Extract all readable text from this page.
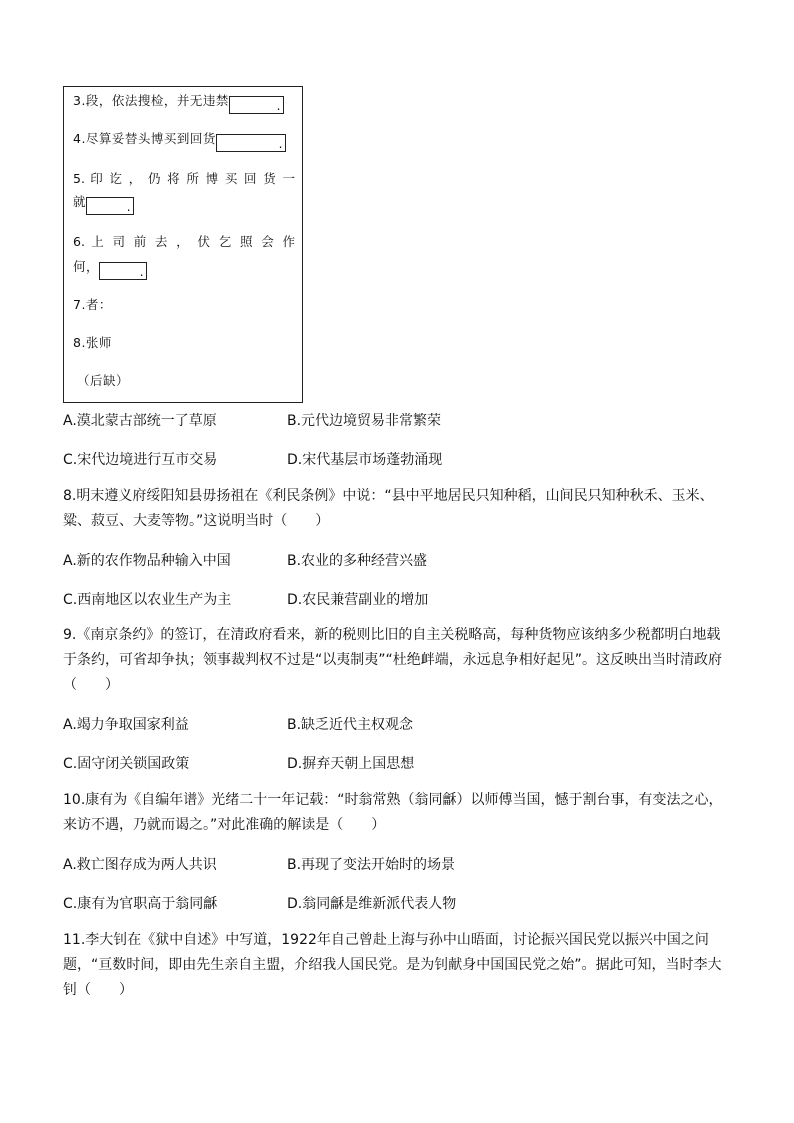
3.段，依法搜检，并无违禁	.
4.尽算妥替头博买到回货	.
5. 印 讫 ， 仍 将 所 博 买 回 货 一
就	.
6. 上 司 前 去 ， 伏 乞 照 会 作
何，	.
7.者：
8.张师
（后缺）
A.漠北蒙古部统一了草原	B.元代边境贸易非常繁荣
C.宋代边境进行互市交易	D.宋代基层市场蓬勃涌现
8.明末遵义府绥阳知县毋扬祖在《利民条例》中说：“县中平地居民只知种稻，山间民只知种秋禾、玉米、粱、菽豆、大麦等物。”这说明当时（　　）
A.新的农作物品种输入中国	B.农业的多种经营兴盛
C.西南地区以农业生产为主	D.农民兼营副业的增加
9.《南京条约》的签订，在清政府看来，新的税则比旧的自主关税略高，每种货物应该纳多少税都明白地载于条约，可省却争执；领事裁判权不过是“以夷制夷”“杜绝衅端，永远息争相好起见”。这反映出当时清政府（　　）
A.竭力争取国家利益	B.缺乏近代主权观念
C.固守闭关锁国政策	D.摒弃天朝上国思想
10.康有为《自编年谱》光绪二十一年记载：“时翁常熟（翁同龢）以师傅当国，憾于割台事，有变法之心，来访不遇，乃就而谒之。”对此准确的解读是（　　）
A.救亡图存成为两人共识	B.再现了变法开始时的场景
C.康有为官职高于翁同龢	D.翁同龢是维新派代表人物
11.李大钊在《狱中自述》中写道，1922年自己曾赴上海与孙中山晤面，讨论振兴国民党以振兴中国之问题，“亘数时间，即由先生亲自主盟，介绍我人国民党。是为钊献身中国国民党之始”。据此可知，当时李大钊（　　）
